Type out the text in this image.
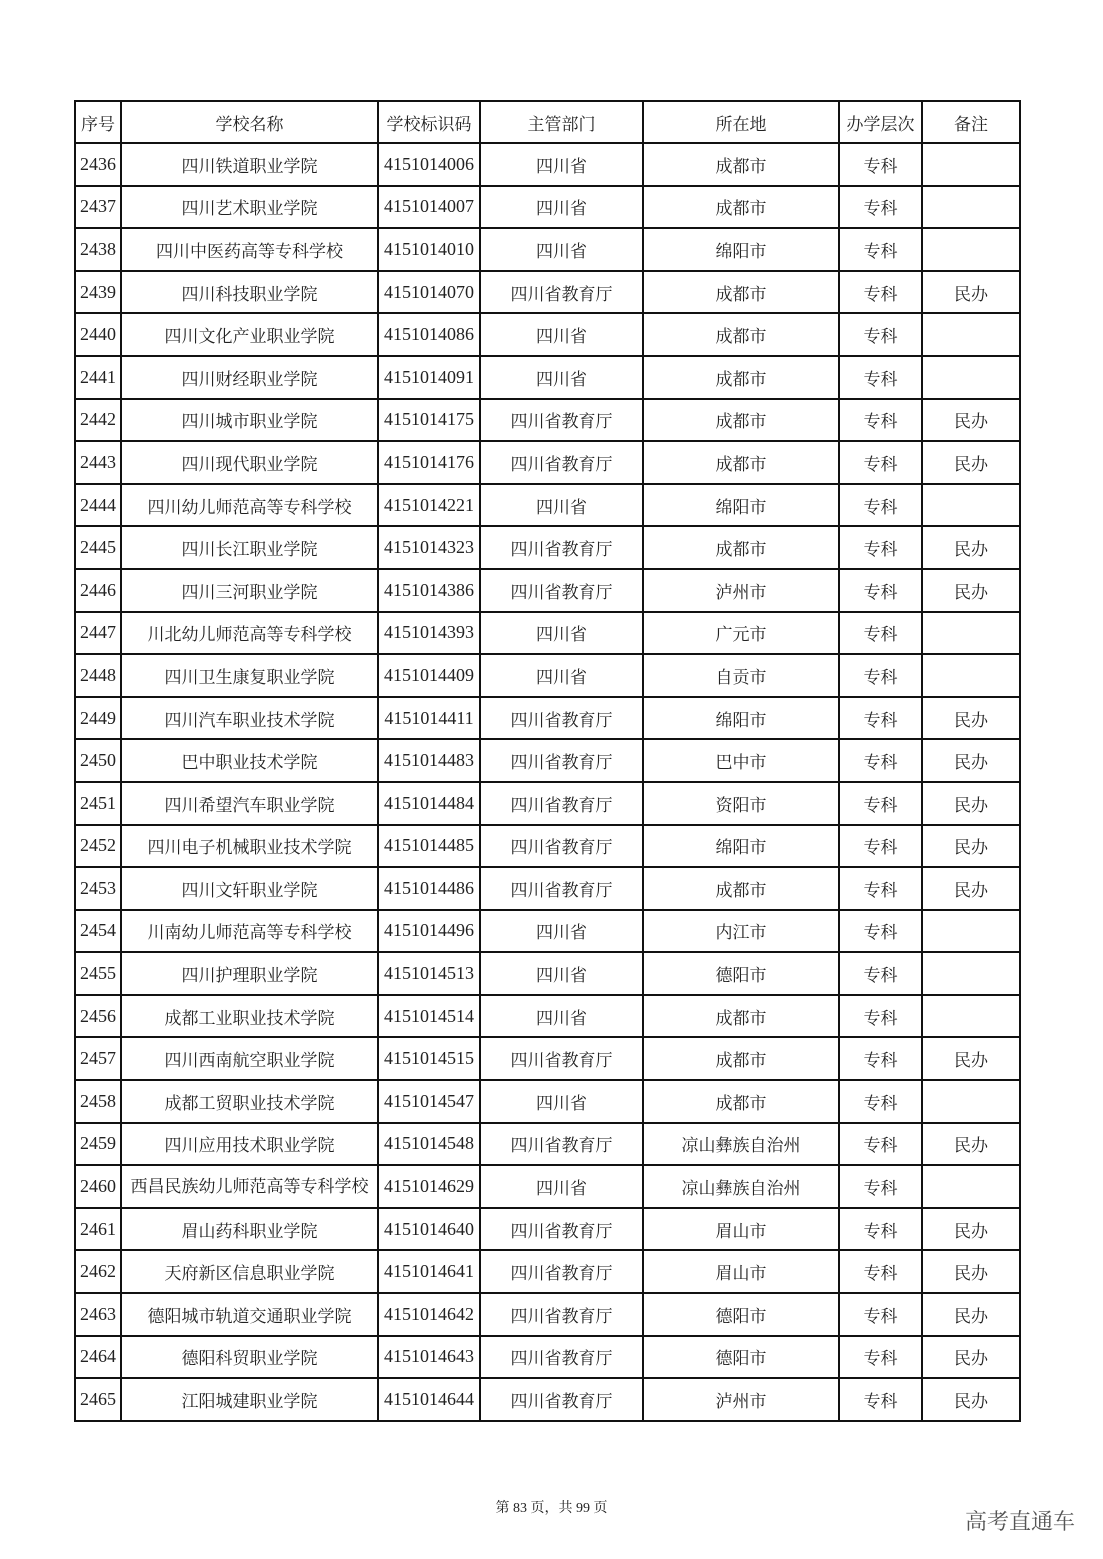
序号	学校名称	学校标识码	主管部门	所在地	办学层次	备注
2436	四川铁道职业学院	4151014006	四川省	成都市	专科	
2437	四川艺术职业学院	4151014007	四川省	成都市	专科	
2438	四川中医药高等专科学校	4151014010	四川省	绵阳市	专科	
2439	四川科技职业学院	4151014070	四川省教育厅	成都市	专科	民办
2440	四川文化产业职业学院	4151014086	四川省	成都市	专科	
2441	四川财经职业学院	4151014091	四川省	成都市	专科	
2442	四川城市职业学院	4151014175	四川省教育厅	成都市	专科	民办
2443	四川现代职业学院	4151014176	四川省教育厅	成都市	专科	民办
2444	四川幼儿师范高等专科学校	4151014221	四川省	绵阳市	专科	
2445	四川长江职业学院	4151014323	四川省教育厅	成都市	专科	民办
2446	四川三河职业学院	4151014386	四川省教育厅	泸州市	专科	民办
2447	川北幼儿师范高等专科学校	4151014393	四川省	广元市	专科	
2448	四川卫生康复职业学院	4151014409	四川省	自贡市	专科	
2449	四川汽车职业技术学院	4151014411	四川省教育厅	绵阳市	专科	民办
2450	巴中职业技术学院	4151014483	四川省教育厅	巴中市	专科	民办
2451	四川希望汽车职业学院	4151014484	四川省教育厅	资阳市	专科	民办
2452	四川电子机械职业技术学院	4151014485	四川省教育厅	绵阳市	专科	民办
2453	四川文轩职业学院	4151014486	四川省教育厅	成都市	专科	民办
2454	川南幼儿师范高等专科学校	4151014496	四川省	内江市	专科	
2455	四川护理职业学院	4151014513	四川省	德阳市	专科	
2456	成都工业职业技术学院	4151014514	四川省	成都市	专科	
2457	四川西南航空职业学院	4151014515	四川省教育厅	成都市	专科	民办
2458	成都工贸职业技术学院	4151014547	四川省	成都市	专科	
2459	四川应用技术职业学院	4151014548	四川省教育厅	凉山彝族自治州	专科	民办
2460	西昌民族幼儿师范高等专科学校	4151014629	四川省	凉山彝族自治州	专科	
2461	眉山药科职业学院	4151014640	四川省教育厅	眉山市	专科	民办
2462	天府新区信息职业学院	4151014641	四川省教育厅	眉山市	专科	民办
2463	德阳城市轨道交通职业学院	4151014642	四川省教育厅	德阳市	专科	民办
2464	德阳科贸职业学院	4151014643	四川省教育厅	德阳市	专科	民办
2465	江阳城建职业学院	4151014644	四川省教育厅	泸州市	专科	民办
第 83 页，共 99 页
高考直通车
